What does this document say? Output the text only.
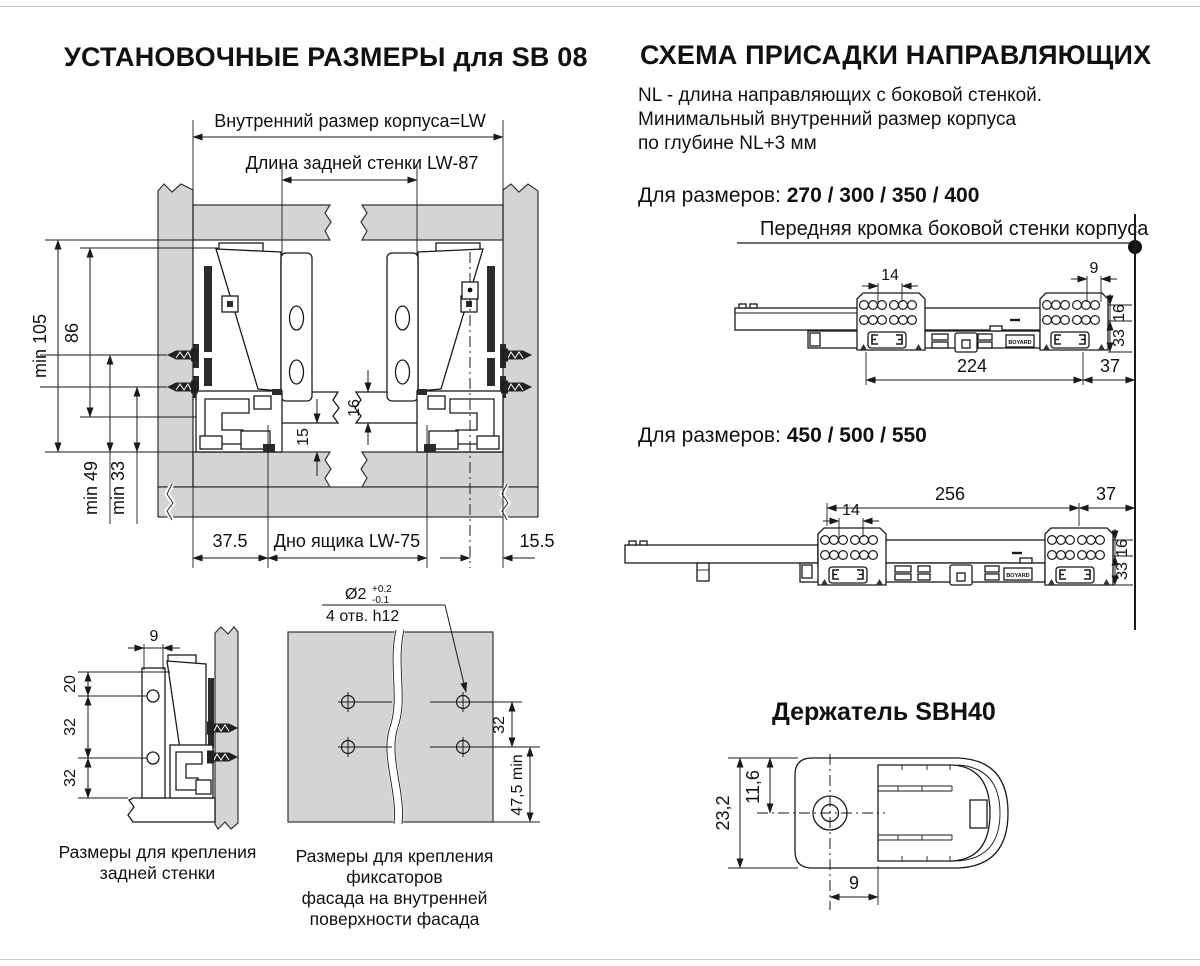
УСТАНОВОЧНЫЕ РАЗМЕРЫ для SB 08 СХЕМА ПРИСАДКИ НАПРАВЛЯЮЩИХ
NL - длина направляющих с боковой стенкой.
Минимальный внутренний размер корпуса
по глубине NL+3 мм
Для размеров: 270 / 300 / 350 / 400
Передняя кромка боковой стенки корпуса
Для размеров: 450 / 500 / 550
Держатель SBH40
Размеры для крепления
задней стенки
Размеры для крепления фиксаторов
фасада на внутренней
поверхности фасада
Внутренний размер корпуса=LW
Длина задней стенки LW-87
min 105 86
min 49 min 33
16
15
37.5 Дно ящика LW-75	15.5
9
20
32
32
Ø2 +0.2
-0.1
4 отв. h12
32
47,5 min
BOYARD
14	9
16
33
224	37
BOYARD
14
256	37
16
33
23,2
11,6
9
